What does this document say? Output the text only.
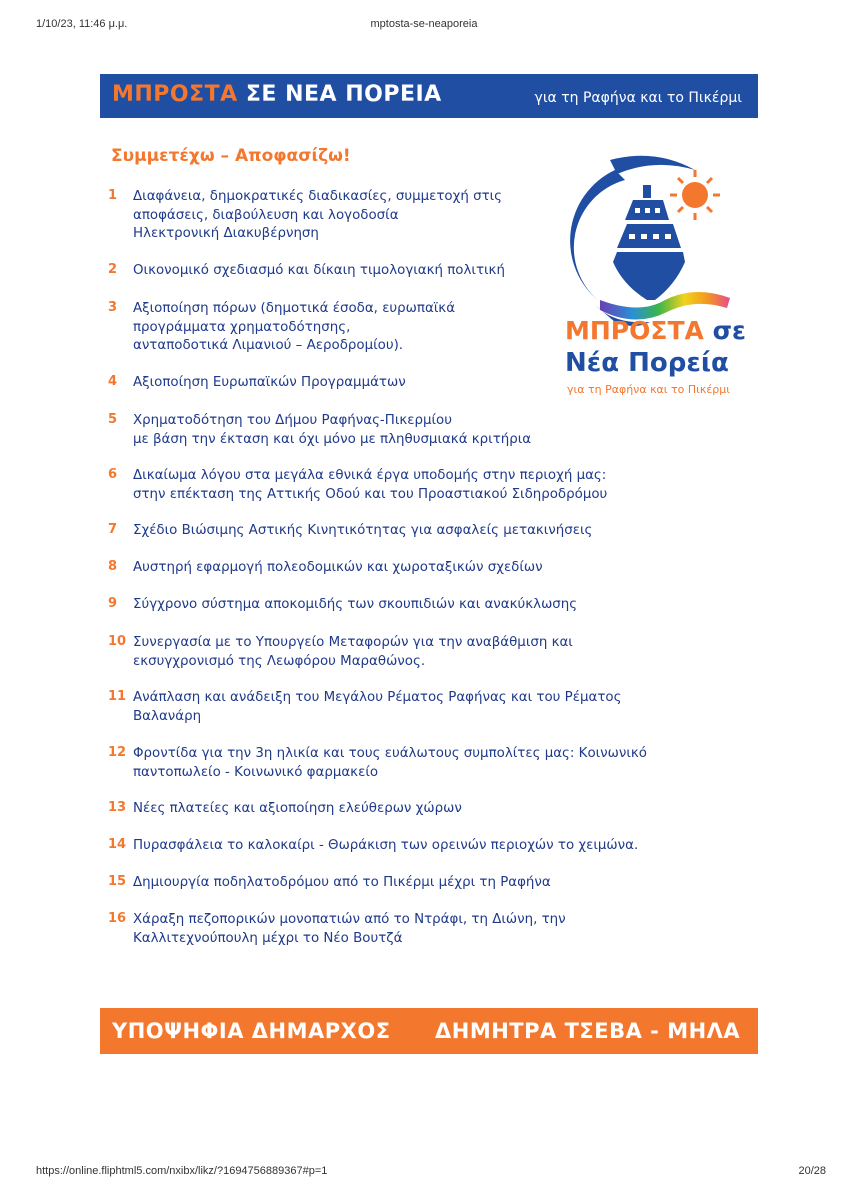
1/10/23, 11:46 μ.μ.	mptosta-se-neaporeia
ΜΠΡΟΣΤΑ ΣΕ ΝΕΑ ΠΟΡΕΙΑ	για τη Ραφήνα και το Πικέρμι
Συμμετέχω – Αποφασίζω!
1	Διαφάνεια, δημοκρατικές διαδικασίες, συμμετοχή στις
αποφάσεις, διαβούλευση και λογοδοσία
Ηλεκτρονική Διακυβέρνηση
2	Οικονομικό σχεδιασμό και δίκαιη τιμολογιακή πολιτική
3	Αξιοποίηση πόρων (δημοτικά έσοδα, ευρωπαϊκά
προγράμματα χρηματοδότησης,
ανταποδοτικά Λιμανιού – Αεροδρομίου).
4	Αξιοποίηση Ευρωπαϊκών Προγραμμάτων
5	Χρηματοδότηση του Δήμου Ραφήνας-Πικερμίου
με βάση την έκταση και όχι μόνο με πληθυσμιακά κριτήρια
6	Δικαίωμα λόγου στα μεγάλα εθνικά έργα υποδομής στην περιοχή μας:
στην επέκταση της Αττικής Οδού και του Προαστιακού Σιδηροδρόμου
7	Σχέδιο Βιώσιμης Αστικής Κινητικότητας για ασφαλείς μετακινήσεις
8	Αυστηρή εφαρμογή πολεοδομικών και χωροταξικών σχεδίων
9	Σύγχρονο σύστημα αποκομιδής των σκουπιδιών και ανακύκλωσης
10 Συνεργασία με το Υπουργείο Μεταφορών για την αναβάθμιση και
εκσυγχρονισμό της Λεωφόρου Μαραθώνος.
11 Ανάπλαση και ανάδειξη του Μεγάλου Ρέματος Ραφήνας και του Ρέματος
Βαλανάρη
12 Φροντίδα για την 3η ηλικία και τους ευάλωτους συμπολίτες μας: Κοινωνικό
παντοπωλείο - Κοινωνικό φαρμακείο
13 Νέες πλατείες και αξιοποίηση ελεύθερων χώρων
14 Πυρασφάλεια το καλοκαίρι - Θωράκιση των ορεινών περιοχών το χειμώνα.
15 Δημιουργία ποδηλατοδρόμου από το Πικέρμι μέχρι τη Ραφήνα
16 Χάραξη πεζοπορικών μονοπατιών από το Ντράφι, τη Διώνη, την
Καλλιτεχνούπουλη μέχρι το Νέο Βουτζά
ΜΠΡΟΣΤΑ σε
Νέα Πορεία
για τη Ραφήνα και το Πικέρμι
ΥΠΟΨΗΦΙΑ ΔΗΜΑΡΧΟΣ ΔΗΜΗΤΡΑ ΤΣΕΒΑ - ΜΗΛΑ
https://online.fliphtml5.com/nxibx/likz/?1694756889367#p=1	20/28
